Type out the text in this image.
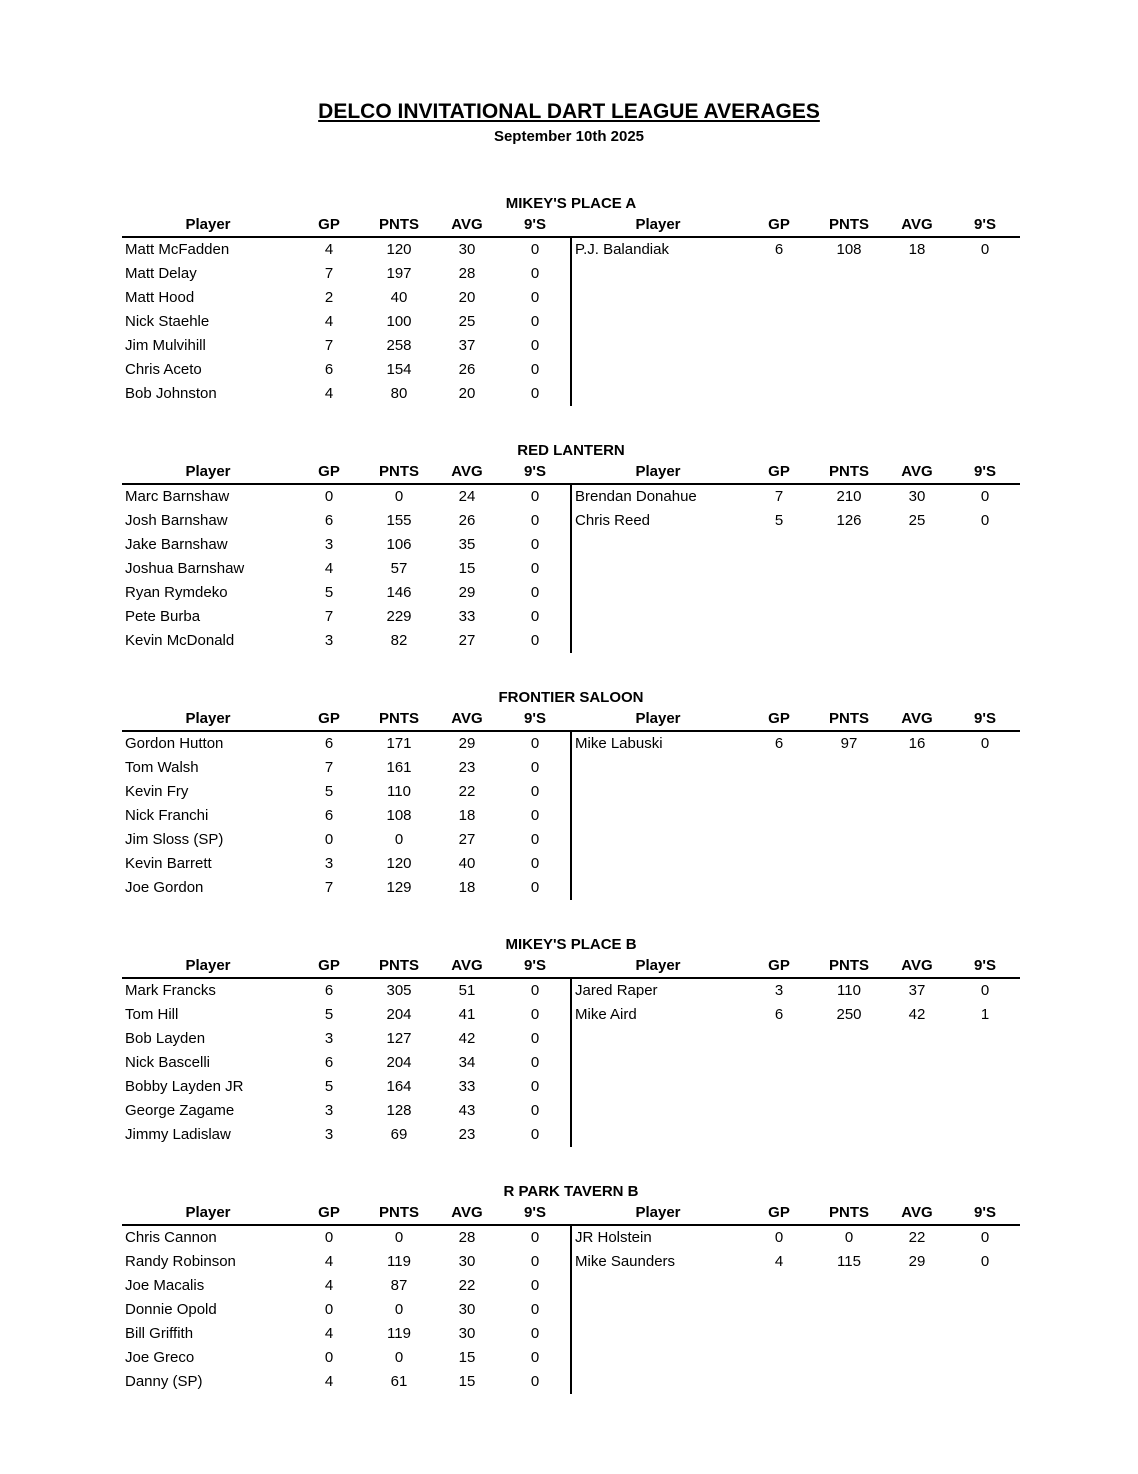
DELCO INVITATIONAL DART LEAGUE AVERAGES

September 10th 2025

MIKEY'S PLACE A
Player	GP	PNTS	AVG	9'S	Player	GP	PNTS	AVG	9'S
Matt McFadden	4	120	30	0
Matt Delay	7	197	28	0
Matt Hood	2	40	20	0
Nick Staehle	4	100	25	0
Jim Mulvihill	7	258	37	0
Chris Aceto	6	154	26	0
Bob Johnston	4	80	20	0
P.J. Balandiak	6	108	18	0
RED LANTERN
Player	GP	PNTS	AVG	9'S	Player	GP	PNTS	AVG	9'S
Marc Barnshaw	0	0	24	0
Josh Barnshaw	6	155	26	0
Jake Barnshaw	3	106	35	0
Joshua Barnshaw	4	57	15	0
Ryan Rymdeko	5	146	29	0
Pete Burba	7	229	33	0
Kevin McDonald	3	82	27	0
Brendan Donahue	7	210	30	0
Chris Reed	5	126	25	0
FRONTIER SALOON
Player	GP	PNTS	AVG	9'S	Player	GP	PNTS	AVG	9'S
Gordon Hutton	6	171	29	0
Tom Walsh	7	161	23	0
Kevin Fry	5	110	22	0
Nick Franchi	6	108	18	0
Jim Sloss (SP)	0	0	27	0
Kevin Barrett	3	120	40	0
Joe Gordon	7	129	18	0
Mike Labuski	6	97	16	0
MIKEY'S PLACE B
Player	GP	PNTS	AVG	9'S	Player	GP	PNTS	AVG	9'S
Mark Francks	6	305	51	0
Tom Hill	5	204	41	0
Bob Layden	3	127	42	0
Nick Bascelli	6	204	34	0
Bobby Layden JR	5	164	33	0
George Zagame	3	128	43	0
Jimmy Ladislaw	3	69	23	0
Jared Raper	3	110	37	0
Mike Aird	6	250	42	1
R PARK TAVERN B
Player	GP	PNTS	AVG	9'S	Player	GP	PNTS	AVG	9'S
Chris Cannon	0	0	28	0
Randy Robinson	4	119	30	0
Joe Macalis	4	87	22	0
Donnie Opold	0	0	30	0
Bill Griffith	4	119	30	0
Joe Greco	0	0	15	0
Danny (SP)	4	61	15	0
JR Holstein	0	0	22	0
Mike Saunders	4	115	29	0
